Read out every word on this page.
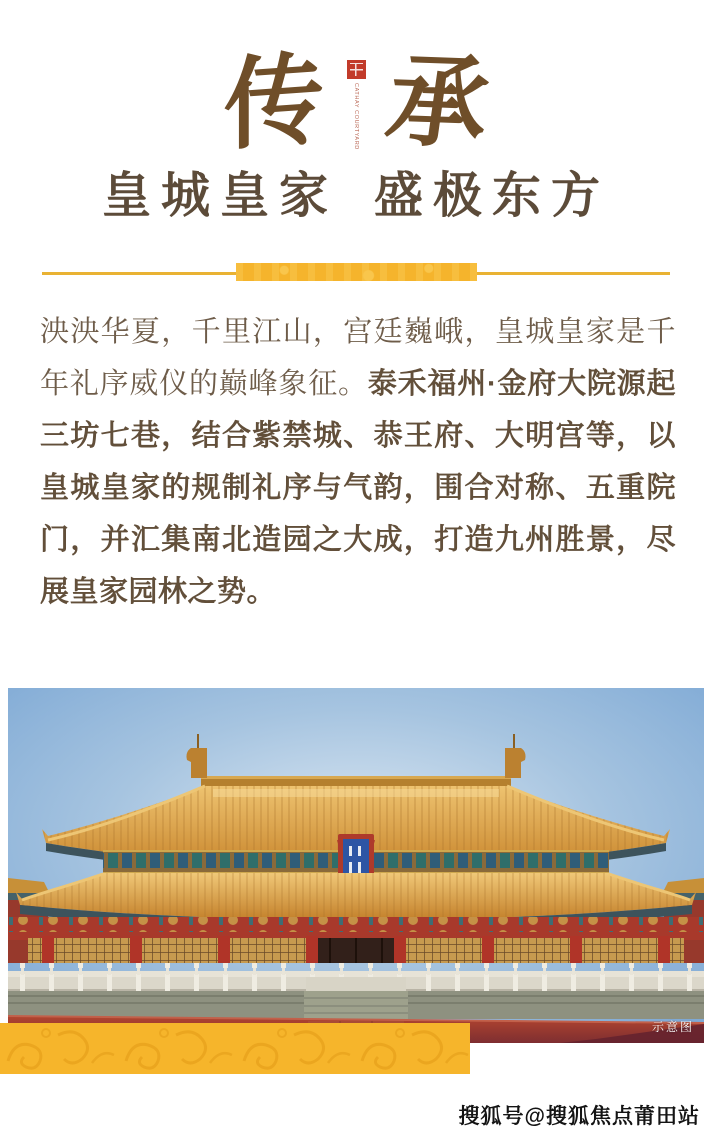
传	CATHAY COURTYARD 承
皇城皇家 盛极东方

泱泱华夏，千里江山，宫廷巍峨，皇城皇家是千年礼序威仪的巅峰象征。泰禾福州·金府大院源起三坊七巷，结合紫禁城、恭王府、大明宫等，以皇城皇家的规制礼序与气韵，围合对称、五重院门，并汇集南北造园之大成，打造九州胜景，尽展皇家园林之势。

示意图
搜狐号@搜狐焦点莆田站
